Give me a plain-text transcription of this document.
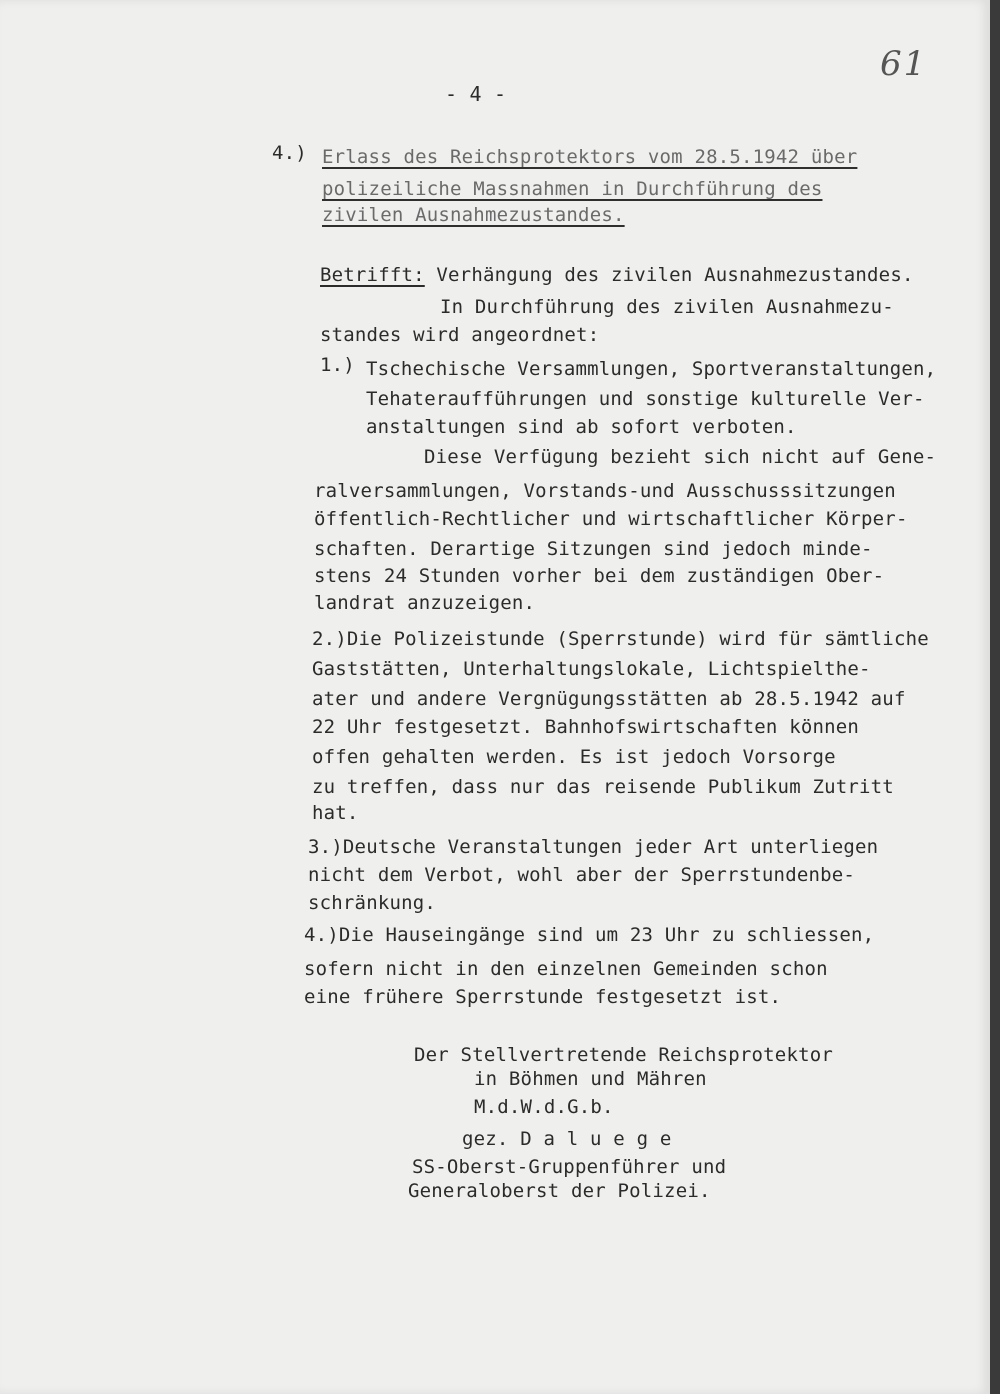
61
- 4 -
4.) Erlass des Reichsprotektors vom 28.5.1942 über
polizeiliche Massnahmen in Durchführung des
zivilen Ausnahmezustandes.
Betrifft: Verhängung des zivilen Ausnahmezustandes.
In Durchführung des zivilen Ausnahmezu-
standes wird angeordnet:
1.) Tschechische Versammlungen, Sportveranstaltungen,
Tehateraufführungen und sonstige kulturelle Ver-
anstaltungen sind ab sofort verboten.
Diese Verfügung bezieht sich nicht auf Gene-
ralversammlungen, Vorstands-und Ausschusssitzungen
öffentlich-Rechtlicher und wirtschaftlicher Körper-
schaften. Derartige Sitzungen sind jedoch minde-
stens 24 Stunden vorher bei dem zuständigen Ober-
landrat anzuzeigen.
2.)Die Polizeistunde (Sperrstunde) wird für sämtliche
Gaststätten, Unterhaltungslokale, Lichtspielthe-
ater und andere Vergnügungsstätten ab 28.5.1942 auf
22 Uhr festgesetzt. Bahnhofswirtschaften können
offen gehalten werden. Es ist jedoch Vorsorge
zu treffen, dass nur das reisende Publikum Zutritt
hat.
3.)Deutsche Veranstaltungen jeder Art unterliegen
nicht dem Verbot, wohl aber der Sperrstundenbe-
schränkung.
4.)Die Hauseingänge sind um 23 Uhr zu schliessen,
sofern nicht in den einzelnen Gemeinden schon
eine frühere Sperrstunde festgesetzt ist.
Der Stellvertretende Reichsprotektor
in Böhmen und Mähren
M.d.W.d.G.b.
gez. D a l u e g e
SS-Oberst-Gruppenführer und
Generaloberst der Polizei.
